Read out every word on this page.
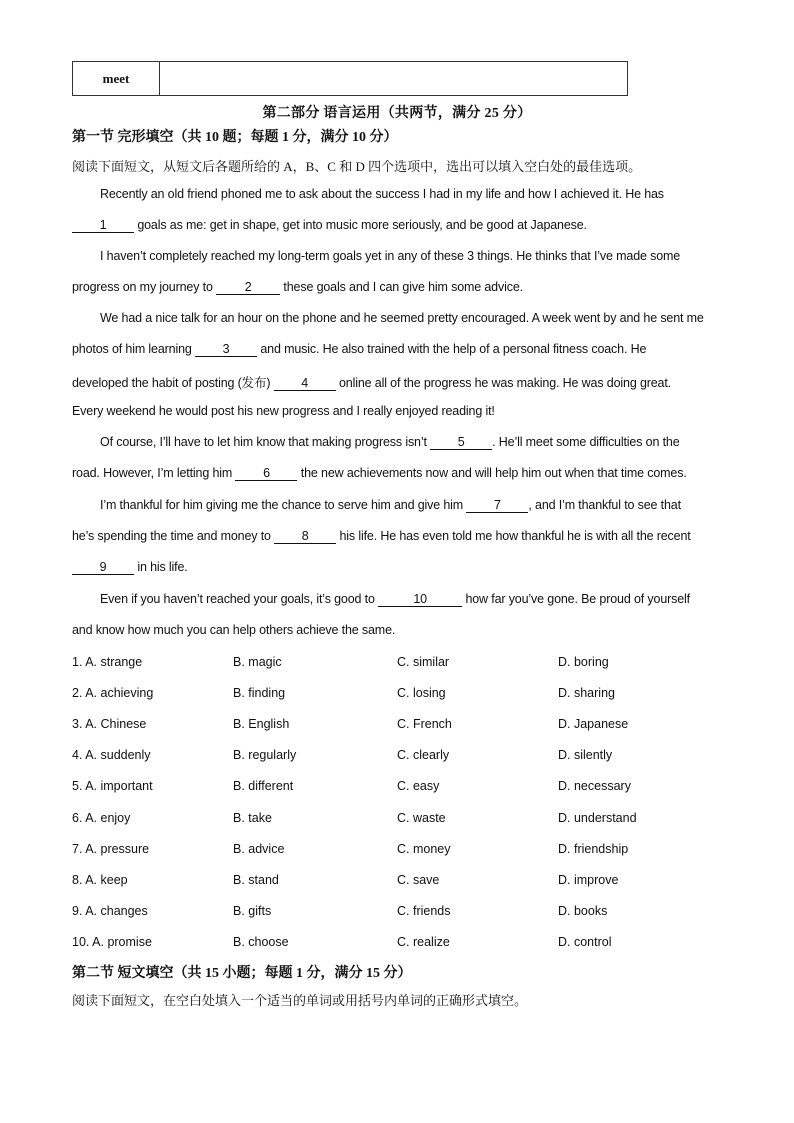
meet	
第二部分 语言运用（共两节，满分 25 分）
第一节 完形填空（共 10 题；每题 1 分，满分 10 分）
阅读下面短文，从短文后各题所给的 A，B、C 和 D 四个选项中，选出可以填入空白处的最佳选项。
Recently an old friend phoned me to ask about the success I had in my life and how I achieved it. He has
1 goals as me: get in shape, get into music more seriously, and be good at Japanese.
I haven’t completely reached my long-term goals yet in any of these 3 things. He thinks that I’ve made some
progress on my journey to 2 these goals and I can give him some advice.
We had a nice talk for an hour on the phone and he seemed pretty encouraged. A week went by and he sent me
photos of him learning 3 and music. He also trained with the help of a personal fitness coach. He
developed the habit of posting (发布) 4 online all of the progress he was making. He was doing great.
Every weekend he would post his new progress and I really enjoyed reading it!
Of course, I’ll have to let him know that making progress isn’t 5 . He’ll meet some difficulties on the
road. However, I’m letting him 6 the new achievements now and will help him out when that time comes.
I’m thankful for him giving me the chance to serve him and give him 7 , and I’m thankful to see that
he’s spending the time and money to 8 his life. He has even told me how thankful he is with all the recent
9 in his life.
Even if you haven’t reached your goals, it’s good to	10	how far you’ve gone. Be proud of yourself
and know how much you can help others achieve the same.
1. A. strange	B. magic	C. similar	D. boring
2. A. achieving	B. finding	C. losing	D. sharing
3. A. Chinese	B. English	C. French	D. Japanese
4. A. suddenly	B. regularly	C. clearly	D. silently
5. A. important	B. different	C. easy	D. necessary
6. A. enjoy	B. take	C. waste	D. understand
7. A. pressure	B. advice	C. money	D. friendship
8. A. keep	B. stand	C. save	D. improve
9. A. changes	B. gifts	C. friends	D. books
10. A. promise	B. choose	C. realize	D. control
第二节 短文填空（共 15 小题；每题 1 分，满分 15 分）
阅读下面短文，在空白处填入一个适当的单词或用括号内单词的正确形式填空。
